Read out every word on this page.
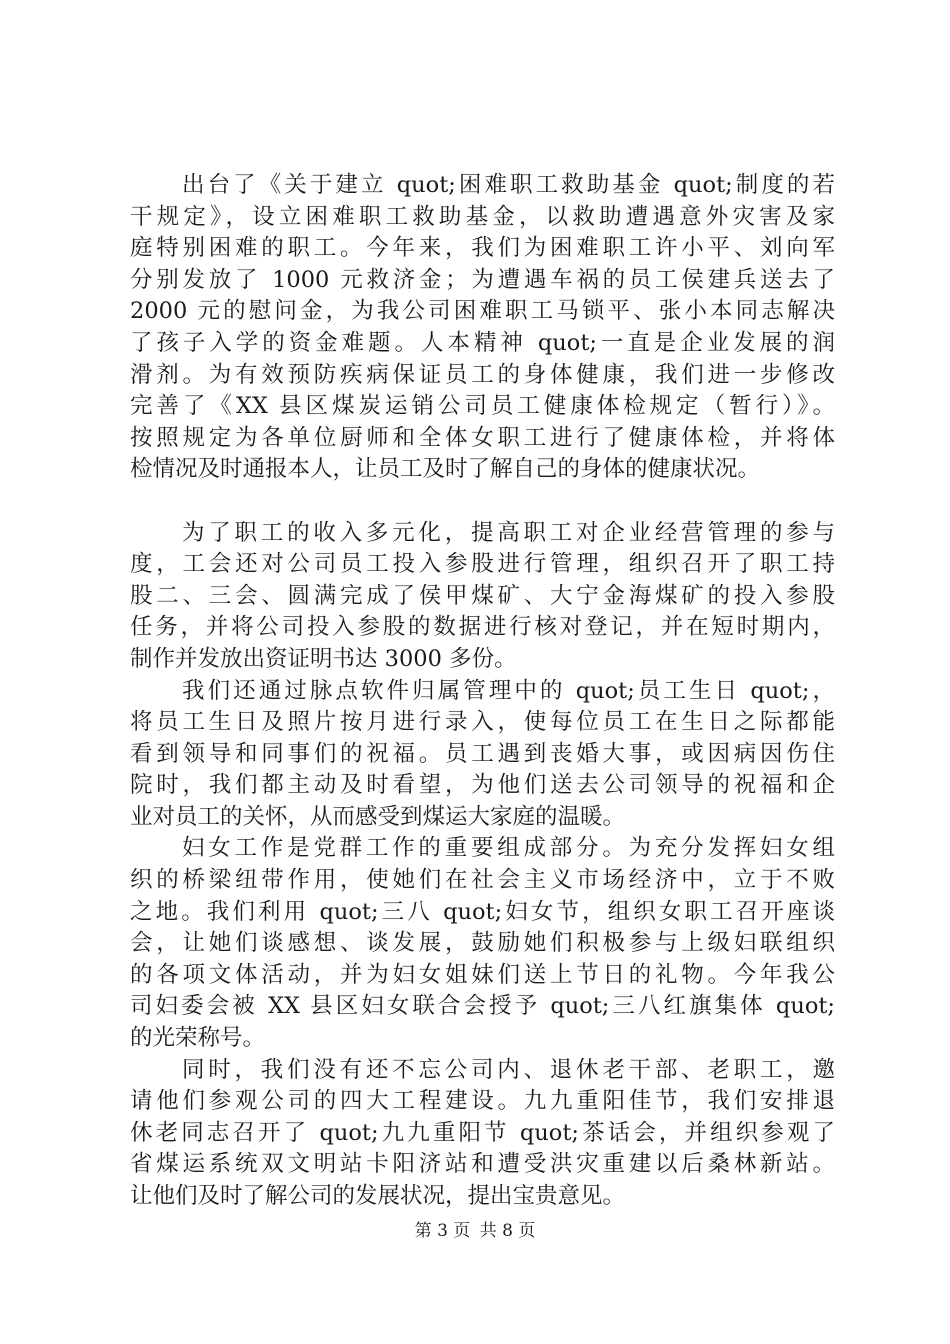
出台了《关于建立 quot;困难职工救助基金 quot;制度的若
干规定》，设立困难职工救助基金，以救助遭遇意外灾害及家
庭特别困难的职工。今年来，我们为困难职工许小平、刘向军
分别发放了 1000 元救济金；为遭遇车祸的员工侯建兵送去了
2000 元的慰问金，为我公司困难职工马锁平、张小本同志解决
了孩子入学的资金难题。人本精神 quot;一直是企业发展的润
滑剂。为有效预防疾病保证员工的身体健康，我们进一步修改
完善了《XX 县区煤炭运销公司员工健康体检规定（暂行）》。
按照规定为各单位厨师和全体女职工进行了健康体检，并将体
检情况及时通报本人，让员工及时了解自己的身体的健康状况。
为了职工的收入多元化，提高职工对企业经营管理的参与
度，工会还对公司员工投入参股进行管理，组织召开了职工持
股二、三会、圆满完成了侯甲煤矿、大宁金海煤矿的投入参股
任务，并将公司投入参股的数据进行核对登记，并在短时期内，
制作并发放出资证明书达 3000 多份。
我们还通过脉点软件归属管理中的 quot;员工生日 quot;，
将员工生日及照片按月进行录入，使每位员工在生日之际都能
看到领导和同事们的祝福。员工遇到丧婚大事，或因病因伤住
院时，我们都主动及时看望，为他们送去公司领导的祝福和企
业对员工的关怀，从而感受到煤运大家庭的温暖。
妇女工作是党群工作的重要组成部分。为充分发挥妇女组
织的桥梁纽带作用，使她们在社会主义市场经济中，立于不败
之地。我们利用 quot;三八 quot;妇女节，组织女职工召开座谈
会，让她们谈感想、谈发展，鼓励她们积极参与上级妇联组织
的各项文体活动，并为妇女姐妹们送上节日的礼物。今年我公
司妇委会被 XX 县区妇女联合会授予 quot;三八红旗集体 quot;
的光荣称号。
同时，我们没有还不忘公司内、退休老干部、老职工，邀
请他们参观公司的四大工程建设。九九重阳佳节，我们安排退
休老同志召开了 quot;九九重阳节 quot;茶话会，并组织参观了
省煤运系统双文明站卡阳济站和遭受洪灾重建以后桑林新站。
让他们及时了解公司的发展状况，提出宝贵意见。
第 3 页 共 8 页
